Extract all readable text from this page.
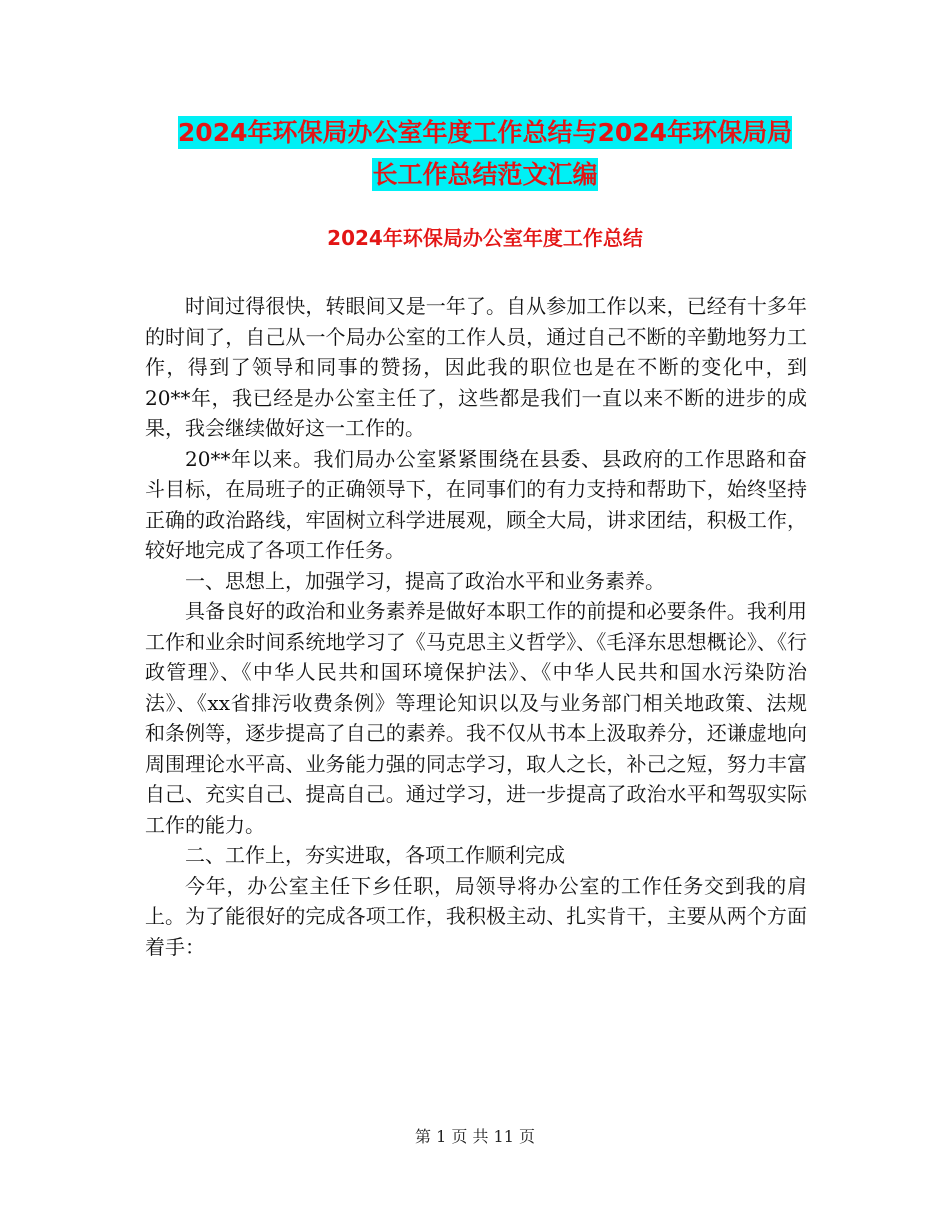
2024年环保局办公室年度工作总结与2024年环保局局
长工作总结范文汇编
2024年环保局办公室年度工作总结

时间过得很快，转眼间又是一年了。自从参加工作以来，已经有十多年的时间了，自己从一个局办公室的工作人员，通过自己不断的辛勤地努力工作，得到了领导和同事的赞扬，因此我的职位也是在不断的变化中，到20**年，我已经是办公室主任了，这些都是我们一直以来不断的进步的成果，我会继续做好这一工作的。

20**年以来。我们局办公室紧紧围绕在县委、县政府的工作思路和奋斗目标，在局班子的正确领导下，在同事们的有力支持和帮助下，始终坚持正确的政治路线，牢固树立科学进展观，顾全大局，讲求团结，积极工作，较好地完成了各项工作任务。

一、思想上，加强学习，提高了政治水平和业务素养。

具备良好的政治和业务素养是做好本职工作的前提和必要条件。我利用工作和业余时间系统地学习了《马克思主义哲学》、《毛泽东思想概论》、《行政管理》、《中华人民共和国环境保护法》、《中华人民共和国水污染防治法》、《xx省排污收费条例》等理论知识以及与业务部门相关地政策、法规和条例等，逐步提高了自己的素养。我不仅从书本上汲取养分，还谦虚地向周围理论水平高、业务能力强的同志学习，取人之长，补己之短，努力丰富自己、充实自己、提高自己。通过学习，进一步提高了政治水平和驾驭实际工作的能力。

二、工作上，夯实进取，各项工作顺利完成

今年，办公室主任下乡任职，局领导将办公室的工作任务交到我的肩上。为了能很好的完成各项工作，我积极主动、扎实肯干，主要从两个方面着手：

第 1 页 共 11 页
